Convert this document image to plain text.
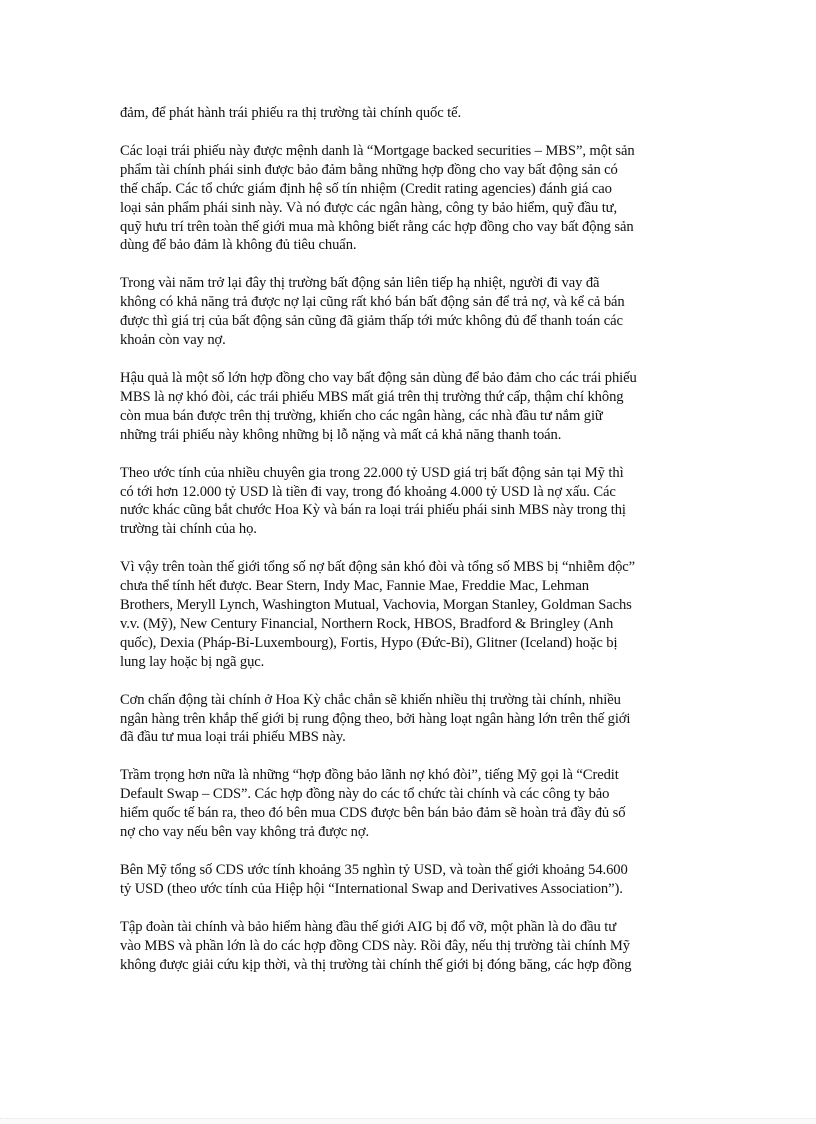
đảm, để phát hành trái phiếu ra thị trường tài chính quốc tế.

Các loại trái phiếu này được mệnh danh là “Mortgage backed securities – MBS”, một sản
phẩm tài chính phái sinh được bảo đảm bằng những hợp đồng cho vay bất động sản có
thế chấp. Các tổ chức giám định hệ số tín nhiệm (Credit rating agencies) đánh giá cao
loại sản phẩm phái sinh này. Và nó được các ngân hàng, công ty bảo hiểm, quỹ đầu tư,
quỹ hưu trí trên toàn thế giới mua mà không biết rằng các hợp đồng cho vay bất động sản
dùng để bảo đảm là không đủ tiêu chuẩn.

Trong vài năm trở lại đây thị trường bất động sản liên tiếp hạ nhiệt, người đi vay đã
không có khả năng trả được nợ lại cũng rất khó bán bất động sản để trả nợ, và kể cả bán
được thì giá trị của bất động sản cũng đã giảm thấp tới mức không đủ để thanh toán các
khoản còn vay nợ.

Hậu quả là một số lớn hợp đồng cho vay bất động sản dùng để bảo đảm cho các trái phiếu
MBS là nợ khó đòi, các trái phiếu MBS mất giá trên thị trường thứ cấp, thậm chí không
còn mua bán được trên thị trường, khiến cho các ngân hàng, các nhà đầu tư nắm giữ
những trái phiếu này không những bị lỗ nặng và mất cả khả năng thanh toán.

Theo ước tính của nhiều chuyên gia trong 22.000 tỷ USD giá trị bất động sản tại Mỹ thì
có tới hơn 12.000 tỷ USD là tiền đi vay, trong đó khoảng 4.000 tỷ USD là nợ xấu. Các
nước khác cũng bắt chước Hoa Kỳ và bán ra loại trái phiếu phái sinh MBS này trong thị
trường tài chính của họ.

Vì vậy trên toàn thế giới tổng số nợ bất động sản khó đòi và tổng số MBS bị “nhiễm độc”
chưa thể tính hết được. Bear Stern, Indy Mac, Fannie Mae, Freddie Mac, Lehman
Brothers, Meryll Lynch, Washington Mutual, Vachovia, Morgan Stanley, Goldman Sachs
v.v. (Mỹ), New Century Financial, Northern Rock, HBOS, Bradford & Bringley (Anh
quốc), Dexia (Pháp-Bỉ-Luxembourg), Fortis, Hypo (Đức-Bỉ), Glitner (Iceland) hoặc bị
lung lay hoặc bị ngã gục.

Cơn chấn động tài chính ở Hoa Kỳ chắc chắn sẽ khiến nhiều thị trường tài chính, nhiều
ngân hàng trên khắp thế giới bị rung động theo, bởi hàng loạt ngân hàng lớn trên thế giới
đã đầu tư mua loại trái phiếu MBS này.

Trầm trọng hơn nữa là những “hợp đồng bảo lãnh nợ khó đòi”, tiếng Mỹ gọi là “Credit
Default Swap – CDS”. Các hợp đồng này do các tổ chức tài chính và các công ty bảo
hiểm quốc tế bán ra, theo đó bên mua CDS được bên bán bảo đảm sẽ hoàn trả đầy đủ số
nợ cho vay nếu bên vay không trả được nợ.

Bên Mỹ tổng số CDS ước tính khoảng 35 nghìn tỷ USD, và toàn thế giới khoảng 54.600
tỷ USD (theo ước tính của Hiệp hội “International Swap and Derivatives Association”).

Tập đoàn tài chính và bảo hiểm hàng đầu thế giới AIG bị đổ vỡ, một phần là do đầu tư
vào MBS và phần lớn là do các hợp đồng CDS này. Rồi đây, nếu thị trường tài chính Mỹ
không được giải cứu kịp thời, và thị trường tài chính thế giới bị đóng băng, các hợp đồng
